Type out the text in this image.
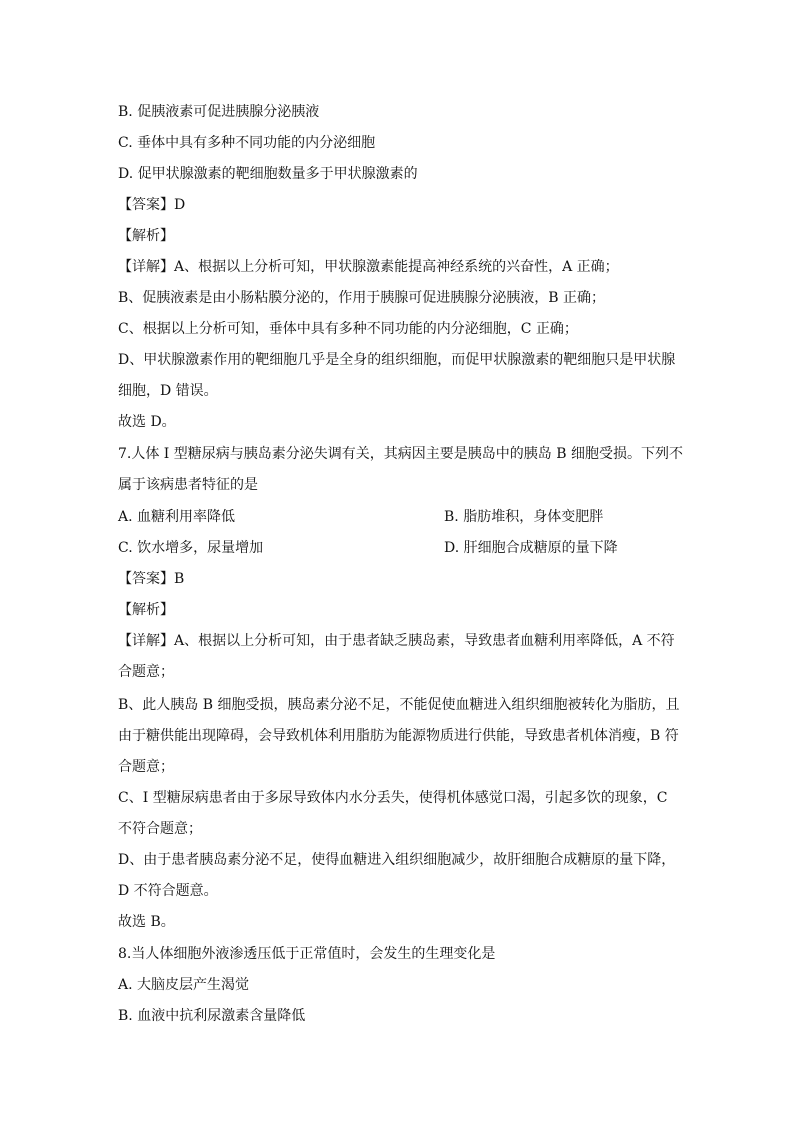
B. 促胰液素可促进胰腺分泌胰液
C. 垂体中具有多种不同功能的内分泌细胞
D. 促甲状腺激素的靶细胞数量多于甲状腺激素的
【答案】D
【解析】
【详解】A、根据以上分析可知，甲状腺激素能提高神经系统的兴奋性，A 正确；
B、促胰液素是由小肠粘膜分泌的，作用于胰腺可促进胰腺分泌胰液，B 正确；
C、根据以上分析可知，垂体中具有多种不同功能的内分泌细胞，C 正确；
D、甲状腺激素作用的靶细胞几乎是全身的组织细胞，而促甲状腺激素的靶细胞只是甲状腺
细胞，D 错误。
故选 D。
7.人体 I 型糖尿病与胰岛素分泌失调有关，其病因主要是胰岛中的胰岛 B 细胞受损。下列不
属于该病患者特征的是
A. 血糖利用率降低	B. 脂肪堆积，身体变肥胖
C. 饮水增多，尿量增加	D. 肝细胞合成糖原的量下降
【答案】B
【解析】
【详解】A、根据以上分析可知，由于患者缺乏胰岛素，导致患者血糖利用率降低，A 不符
合题意；
B、此人胰岛 B 细胞受损，胰岛素分泌不足，不能促使血糖进入组织细胞被转化为脂肪，且
由于糖供能出现障碍，会导致机体利用脂肪为能源物质进行供能，导致患者机体消瘦，B 符
合题意；
C、I 型糖尿病患者由于多尿导致体内水分丢失，使得机体感觉口渴，引起多饮的现象，C
不符合题意；
D、由于患者胰岛素分泌不足，使得血糖进入组织细胞减少，故肝细胞合成糖原的量下降，
D 不符合题意。
故选 B。
8.当人体细胞外液渗透压低于正常值时，会发生的生理变化是
A. 大脑皮层产生渴觉
B. 血液中抗利尿激素含量降低
